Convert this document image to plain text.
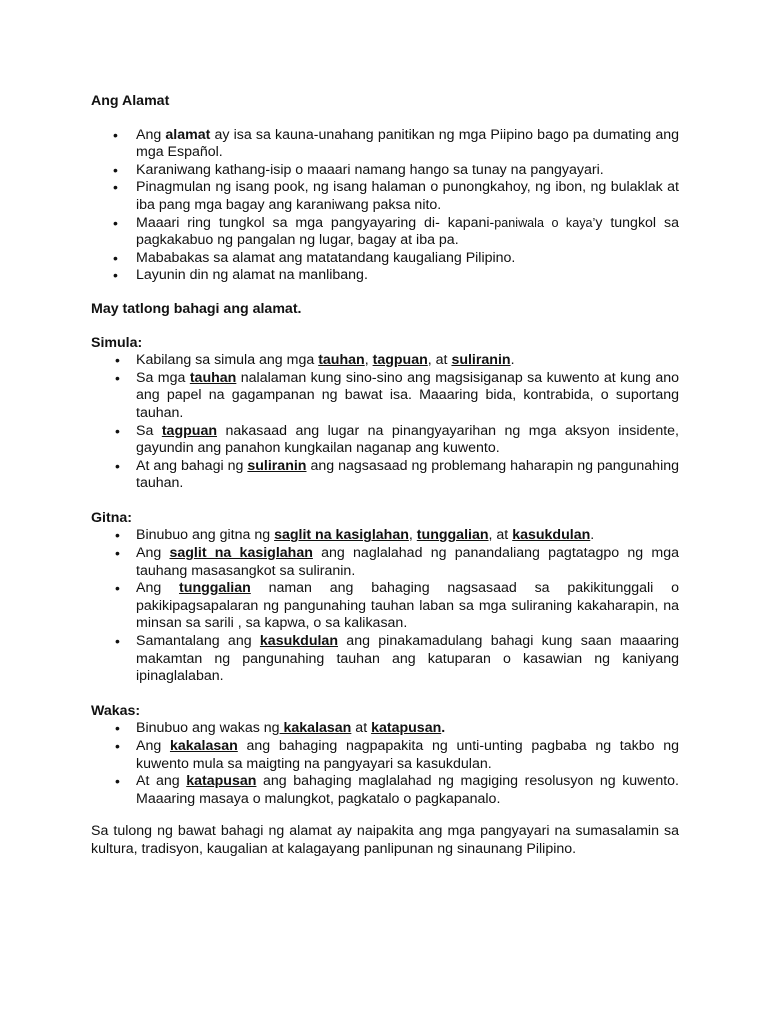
Ang Alamat

• Ang alamat ay isa sa kauna-unahang panitikan ng mga Piipino bago pa dumating ang mga Español.
• Karaniwang kathang-isip o maaari namang hango sa tunay na pangyayari.
• Pinagmulan ng isang pook, ng isang halaman o punongkahoy, ng ibon, ng bulaklak at iba pang mga bagay ang karaniwang paksa nito.
• Maaari ring tungkol sa mga pangyayaring di- kapani-paniwala o kaya’y tungkol sa pagkakabuo ng pangalan ng lugar, bagay at iba pa.
• Mababakas sa alamat ang matatandang kaugaliang Pilipino.
• Layunin din ng alamat na manlibang.

May tatlong bahagi ang alamat.

Simula:

• Kabilang sa simula ang mga tauhan, tagpuan, at suliranin.
• Sa mga tauhan nalalaman kung sino-sino ang magsisiganap sa kuwento at kung ano ang papel na gagampanan ng bawat isa. Maaaring bida, kontrabida, o suportang tauhan.
• Sa tagpuan nakasaad ang lugar na pinangyayarihan ng mga aksyon insidente, gayundin ang panahon kungkailan naganap ang kuwento.
• At ang bahagi ng suliranin ang nagsasaad ng problemang haharapin ng pangunahing tauhan.

Gitna:

• Binubuo ang gitna ng saglit na kasiglahan, tunggalian, at kasukdulan.
• Ang saglit na kasiglahan ang naglalahad ng panandaliang pagtatagpo ng mga tauhang masasangkot sa suliranin.
• Ang tunggalian naman ang bahaging nagsasaad sa pakikitunggali o pakikipagsapalaran ng pangunahing tauhan laban sa mga suliraning kakaharapin, na minsan sa sarili , sa kapwa, o sa kalikasan.
• Samantalang ang kasukdulan ang pinakamadulang bahagi kung saan maaaring makamtan ng pangunahing tauhan ang katuparan o kasawian ng kaniyang ipinaglalaban.

Wakas:

• Binubuo ang wakas ng kakalasan at katapusan.
• Ang kakalasan ang bahaging nagpapakita ng unti-unting pagbaba ng takbo ng kuwento mula sa maigting na pangyayari sa kasukdulan.
• At ang katapusan ang bahaging maglalahad ng magiging resolusyon ng kuwento. Maaaring masaya o malungkot, pagkatalo o pagkapanalo.

Sa tulong ng bawat bahagi ng alamat ay naipakita ang mga pangyayari na sumasalamin sa kultura, tradisyon, kaugalian at kalagayang panlipunan ng sinaunang Pilipino.
